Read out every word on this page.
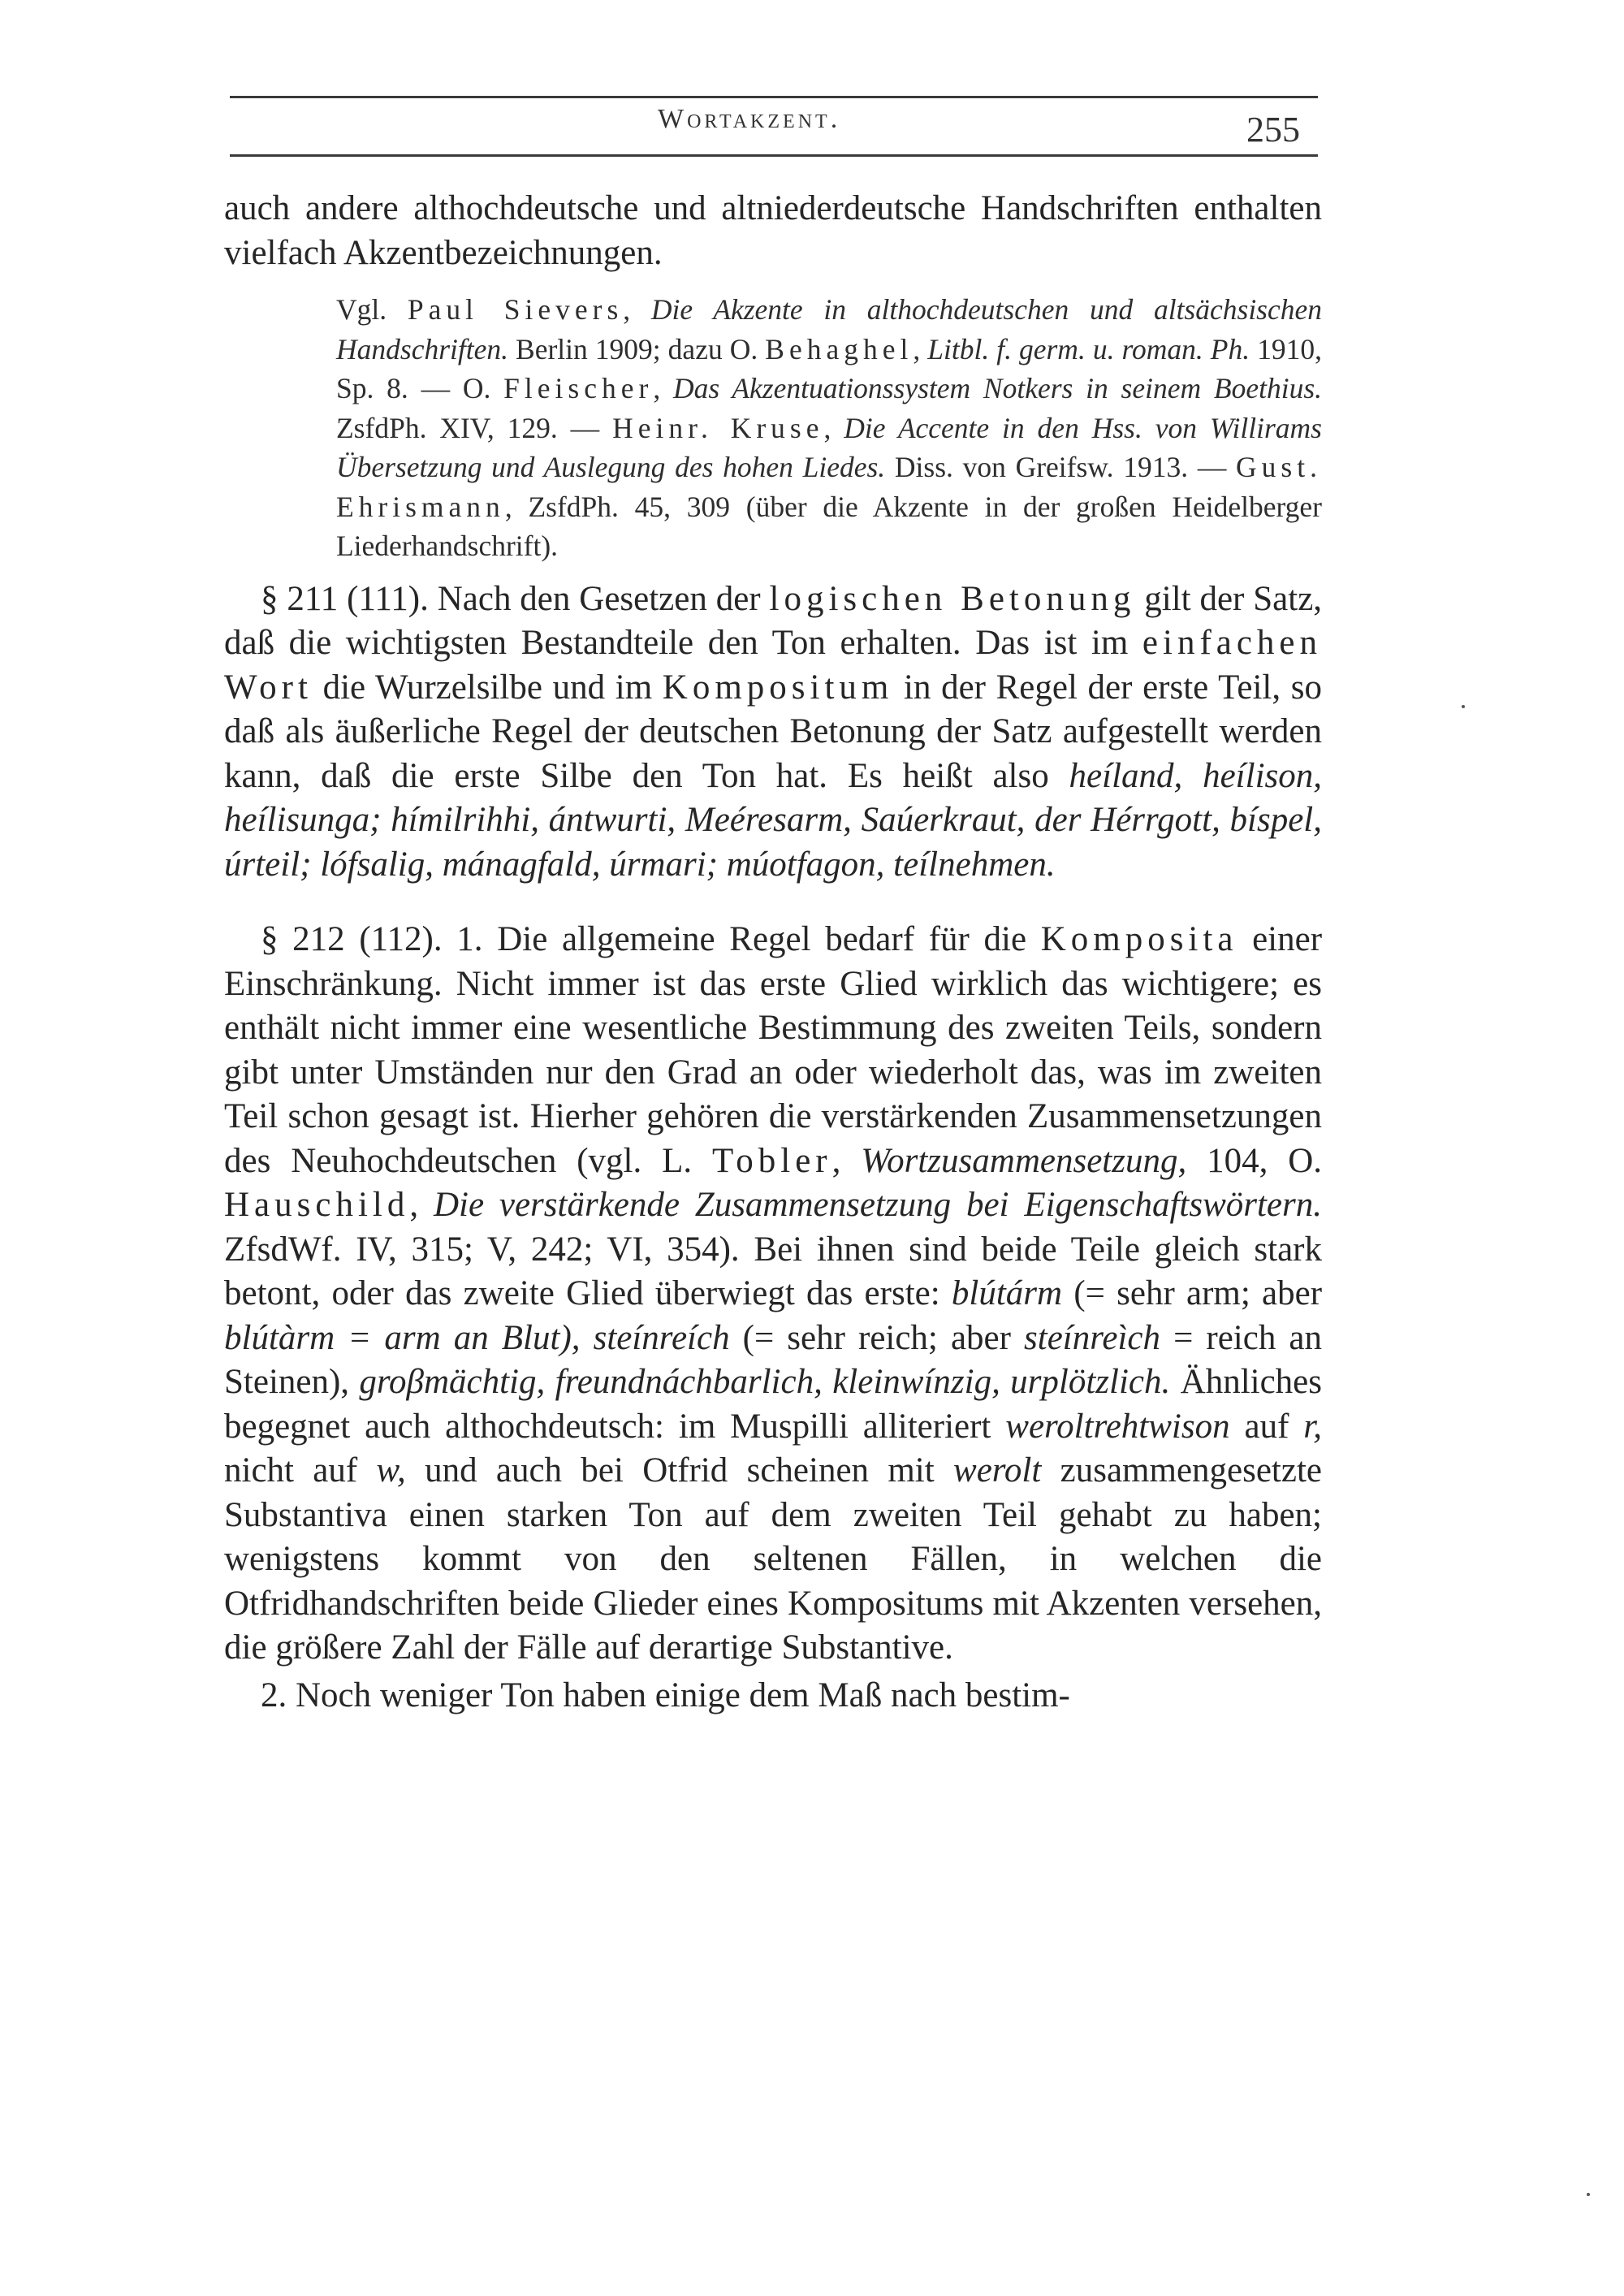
Wortakzent.	255

auch andere althochdeutsche und altniederdeutsche Handschriften enthalten vielfach Akzentbezeichnungen.

Vgl. Paul Sievers, Die Akzente in althochdeutschen und altsächsischen Handschriften. Berlin 1909; dazu O. Behaghel, Litbl. f. germ. u. roman. Ph. 1910, Sp. 8. — O. Fleischer, Das Akzentuationssystem Notkers in seinem Boethius. ZsfdPh. XIV, 129. — Heinr. Kruse, Die Accente in den Hss. von Willirams Übersetzung und Auslegung des hohen Liedes. Diss. von Greifsw. 1913. — Gust. Ehrismann, ZsfdPh. 45, 309 (über die Akzente in der großen Heidelberger Liederhandschrift).

§ 211 (111). Nach den Gesetzen der logischen Betonung gilt der Satz, daß die wichtigsten Bestandteile den Ton erhalten. Das ist im einfachen Wort die Wurzelsilbe und im Kompositum in der Regel der erste Teil, so daß als äußerliche Regel der deutschen Betonung der Satz aufgestellt werden kann, daß die erste Silbe den Ton hat. Es heißt also heíland, heílison, heílisunga; hímilrihhi, ántwurti, Meéresarm, Saúerkraut, der Hérrgott, bíspel, úrteil; lófsalig, mánagfald, úrmari; múotfagon, teílnehmen.

§ 212 (112). 1. Die allgemeine Regel bedarf für die Komposita einer Einschränkung. Nicht immer ist das erste Glied wirklich das wichtigere; es enthält nicht immer eine wesentliche Bestimmung des zweiten Teils, sondern gibt unter Umständen nur den Grad an oder wiederholt das, was im zweiten Teil schon gesagt ist. Hierher gehören die verstärkenden Zusammensetzungen des Neuhochdeutschen (vgl. L. Tobler, Wortzusammensetzung, 104, O. Hauschild, Die verstärkende Zusammensetzung bei Eigenschaftswörtern. ZfsdWf. IV, 315; V, 242; VI, 354). Bei ihnen sind beide Teile gleich stark betont, oder das zweite Glied überwiegt das erste: blútárm (= sehr arm; aber blútàrm = arm an Blut), steínreích (= sehr reich; aber steínreìch = reich an Steinen), groβmächtig, freundnáchbarlich, kleinwínzig, urplötzlich. Ähnliches begegnet auch althochdeutsch: im Muspilli alliteriert weroltrehtwison auf r, nicht auf w, und auch bei Otfrid scheinen mit werolt zusammengesetzte Substantiva einen starken Ton auf dem zweiten Teil gehabt zu haben; wenigstens kommt von den seltenen Fällen, in welchen die Otfridhandschriften beide Glieder eines Kompositums mit Akzenten versehen, die größere Zahl der Fälle auf derartige Substantive.

2. Noch weniger Ton haben einige dem Maß nach bestim-
